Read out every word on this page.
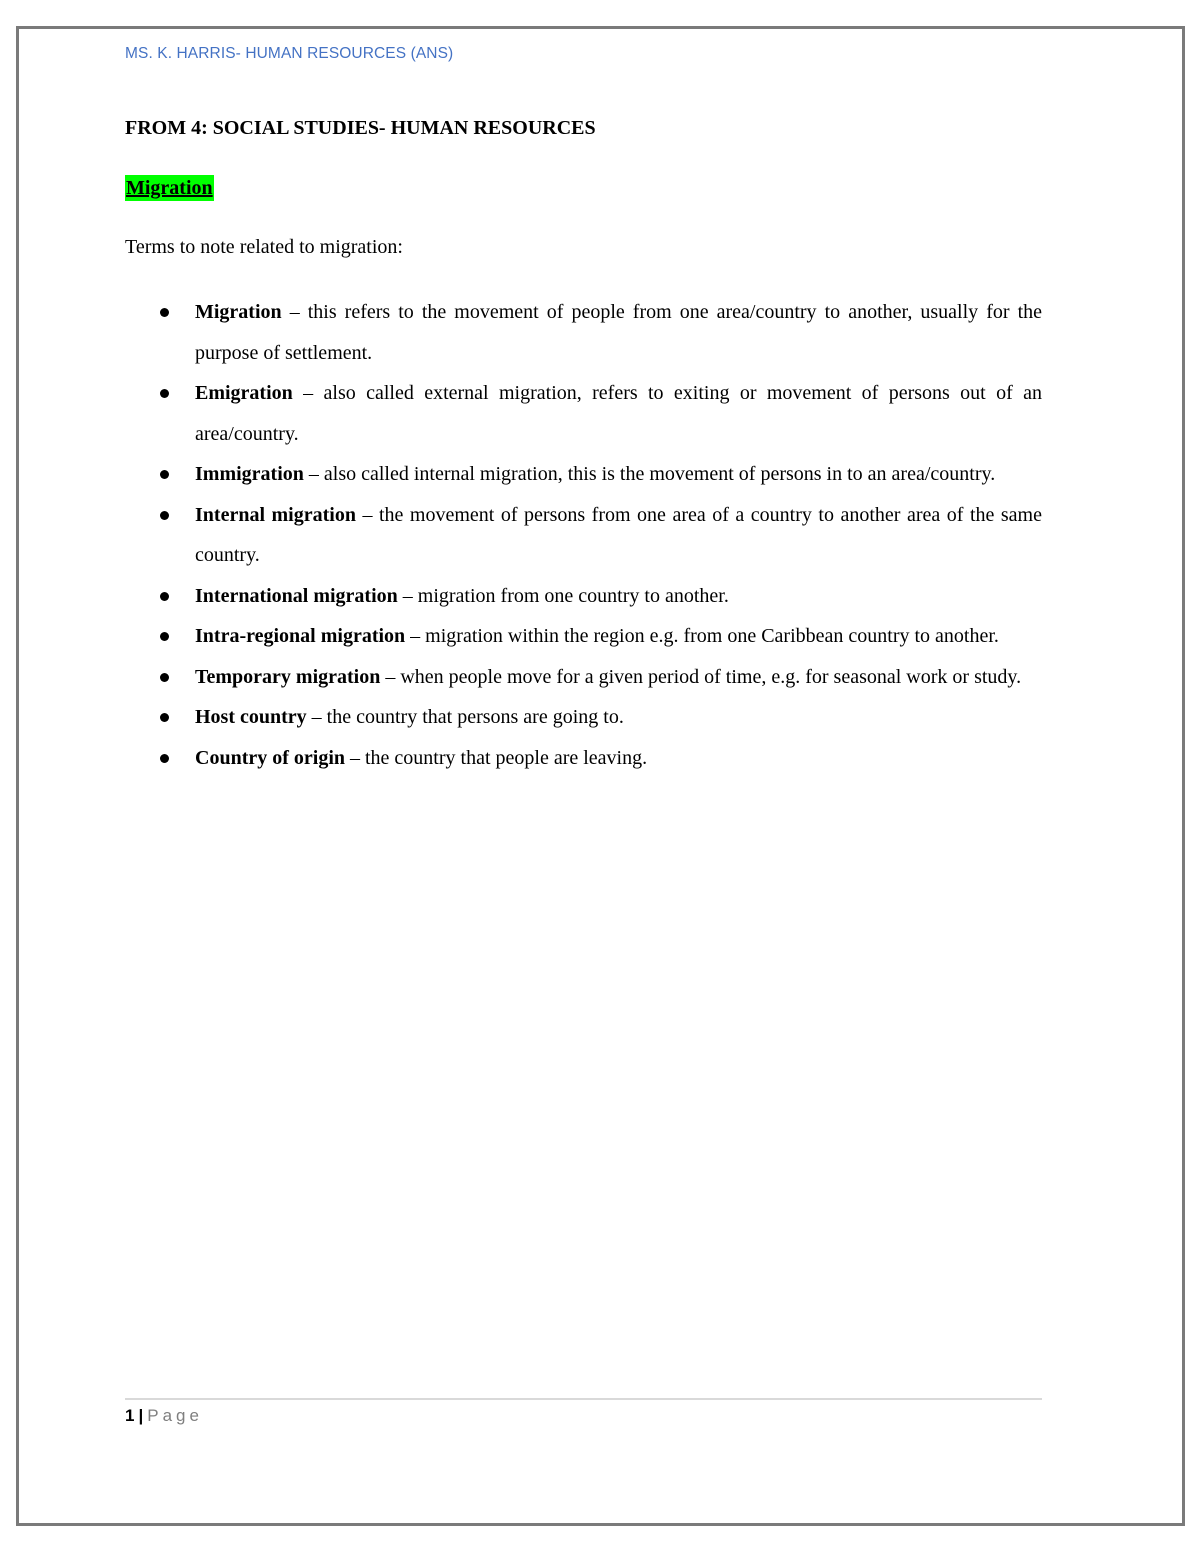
MS. K. HARRIS- HUMAN RESOURCES (ANS)
FROM 4: SOCIAL STUDIES- HUMAN RESOURCES
Migration
Terms to note related to migration:
Migration – this refers to the movement of people from one area/country to another, usually for the purpose of settlement.
Emigration – also called external migration, refers to exiting or movement of persons out of an area/country.
Immigration – also called internal migration, this is the movement of persons in to an area/country.
Internal migration – the movement of persons from one area of a country to another area of the same country.
International migration – migration from one country to another.
Intra-regional migration – migration within the region e.g. from one Caribbean country to another.
Temporary migration – when people move for a given period of time, e.g. for seasonal work or study.
Host country – the country that persons are going to.
Country of origin – the country that people are leaving.
1 | Page
